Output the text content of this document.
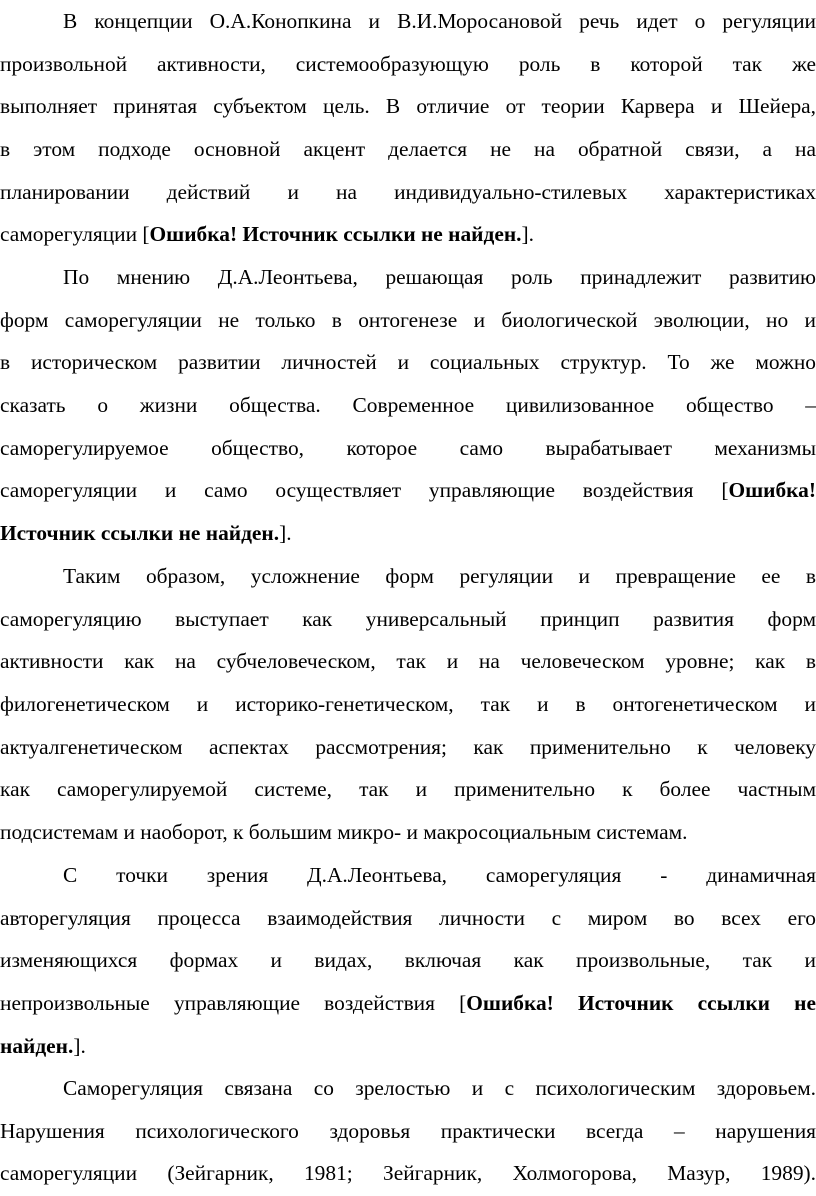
В концепции О.А.Конопкина и В.И.Моросановой речь идет о регуляции
произвольной активности, системообразующую роль в которой так же
выполняет принятая субъектом цель. В отличие от теории Карвера и Шейера,
в этом подходе основной акцент делается не на обратной связи, а на
планировании действий и на индивидуально-стилевых характеристиках
саморегуляции [Ошибка! Источник ссылки не найден.].
По мнению Д.А.Леонтьева, решающая роль принадлежит развитию
форм саморегуляции не только в онтогенезе и биологической эволюции, но и
в историческом развитии личностей и социальных структур. То же можно
сказать о жизни общества. Современное цивилизованное общество –
саморегулируемое общество, которое само вырабатывает механизмы
саморегуляции и само осуществляет управляющие воздействия [Ошибка!
Источник ссылки не найден.].
Таким образом, усложнение форм регуляции и превращение ее в
саморегуляцию выступает как универсальный принцип развития форм
активности как на субчеловеческом, так и на человеческом уровне; как в
филогенетическом и историко-генетическом, так и в онтогенетическом и
актуалгенетическом аспектах рассмотрения; как применительно к человеку
как саморегулируемой системе, так и применительно к более частным
подсистемам и наоборот, к большим микро- и макросоциальным системам.
С точки зрения Д.А.Леонтьева, саморегуляция - динамичная
авторегуляция процесса взаимодействия личности с миром во всех его
изменяющихся формах и видах, включая как произвольные, так и
непроизвольные управляющие воздействия [Ошибка! Источник ссылки не
найден.].
Саморегуляция связана со зрелостью и с психологическим здоровьем.
Нарушения психологического здоровья практически всегда – нарушения
саморегуляции (Зейгарник, 1981; Зейгарник, Холмогорова, Мазур, 1989).
